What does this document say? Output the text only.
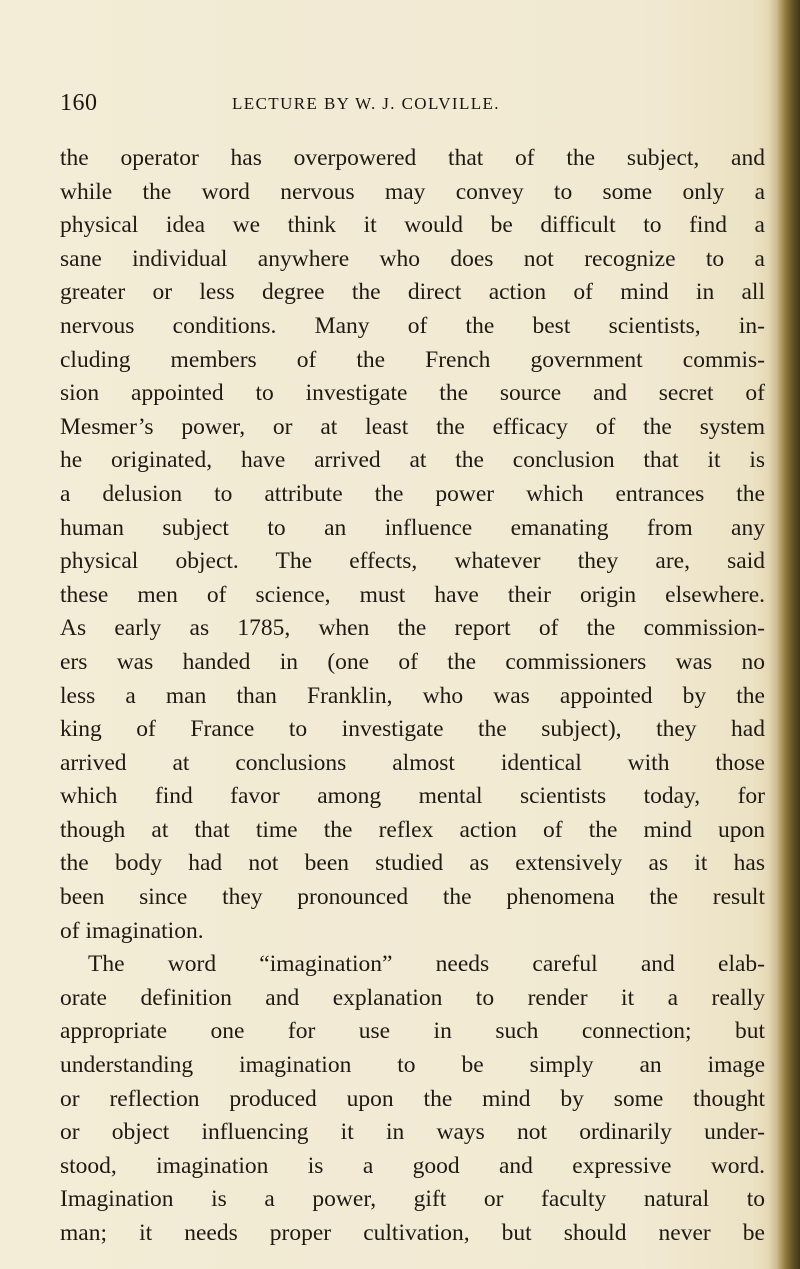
160	LECTURE BY W. J. COLVILLE.
the operator has overpowered that of the subject, and
while the word nervous may convey to some only a
physical idea we think it would be difficult to find a
sane individual anywhere who does not recognize to a
greater or less degree the direct action of mind in all
nervous conditions. Many of the best scientists, in-
cluding members of the French government commis-
sion appointed to investigate the source and secret of
Mesmer’s power, or at least the efficacy of the system
he originated, have arrived at the conclusion that it is
a delusion to attribute the power which entrances the
human subject to an influence emanating from any
physical object. The effects, whatever they are, said
these men of science, must have their origin elsewhere.
As early as 1785, when the report of the commission-
ers was handed in (one of the commissioners was no
less a man than Franklin, who was appointed by the
king of France to investigate the subject), they had
arrived at conclusions almost identical with those
which find favor among mental scientists today, for
though at that time the reflex action of the mind upon
the body had not been studied as extensively as it has
been since they pronounced the phenomena the result
of imagination.
The word “imagination” needs careful and elab-
orate definition and explanation to render it a really
appropriate one for use in such connection; but
understanding imagination to be simply an image
or reflection produced upon the mind by some thought
or object influencing it in ways not ordinarily under-
stood, imagination is a good and expressive word.
Imagination is a power, gift or faculty natural to
man; it needs proper cultivation, but should never be
